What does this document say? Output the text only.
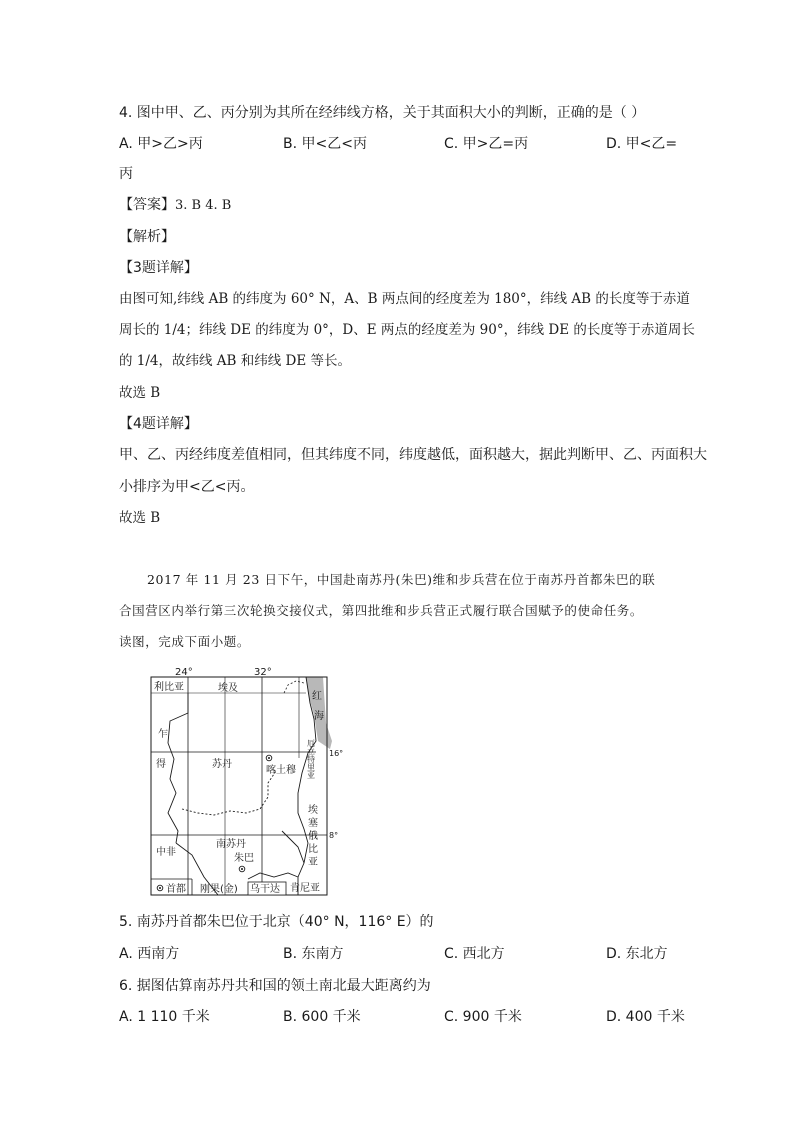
4. 图中甲、乙、丙分别为其所在经纬线方格，关于其面积大小的判断，正确的是（ ）
A. 甲>乙>丙	B. 甲<乙<丙	C. 甲>乙=丙	D. 甲<乙=
丙
【答案】3. B 4. B
【解析】
【3题详解】
由图可知,纬线 AB 的纬度为 60° N，A、B 两点间的经度差为 180°，纬线 AB 的长度等于赤道
周长的 1/4；纬线 DE 的纬度为 0°，D、E 两点的经度差为 90°，纬线 DE 的长度等于赤道周长
的 1/4，故纬线 AB 和纬线 DE 等长。
故选 B
【4题详解】
甲、乙、丙经纬度差值相同，但其纬度不同，纬度越低，面积越大，据此判断甲、乙、丙面积大
小排序为甲<乙<丙。
故选 B
2017 年 11 月 23 日下午，中国赴南苏丹(朱巴)维和步兵营在位于南苏丹首都朱巴的联
合国营区内举行第三次轮换交接仪式，第四批维和步兵营正式履行联合国赋予的使命任务。
读图，完成下面小题。
24°	32°
16°
8°
利比亚	埃及
红
海
乍
得	苏丹
喀土穆 厄立特里亚
埃
塞
俄
比
亚
中非
南苏丹
朱巴
首都 刚果(金) 乌干达 肯尼亚
5. 南苏丹首都朱巴位于北京（40° N，116° E）的
A. 西南方	B. 东南方	C. 西北方	D. 东北方
6. 据图估算南苏丹共和国的领土南北最大距离约为
A. 1 110 千米	B. 600 千米	C. 900 千米	D. 400 千米
